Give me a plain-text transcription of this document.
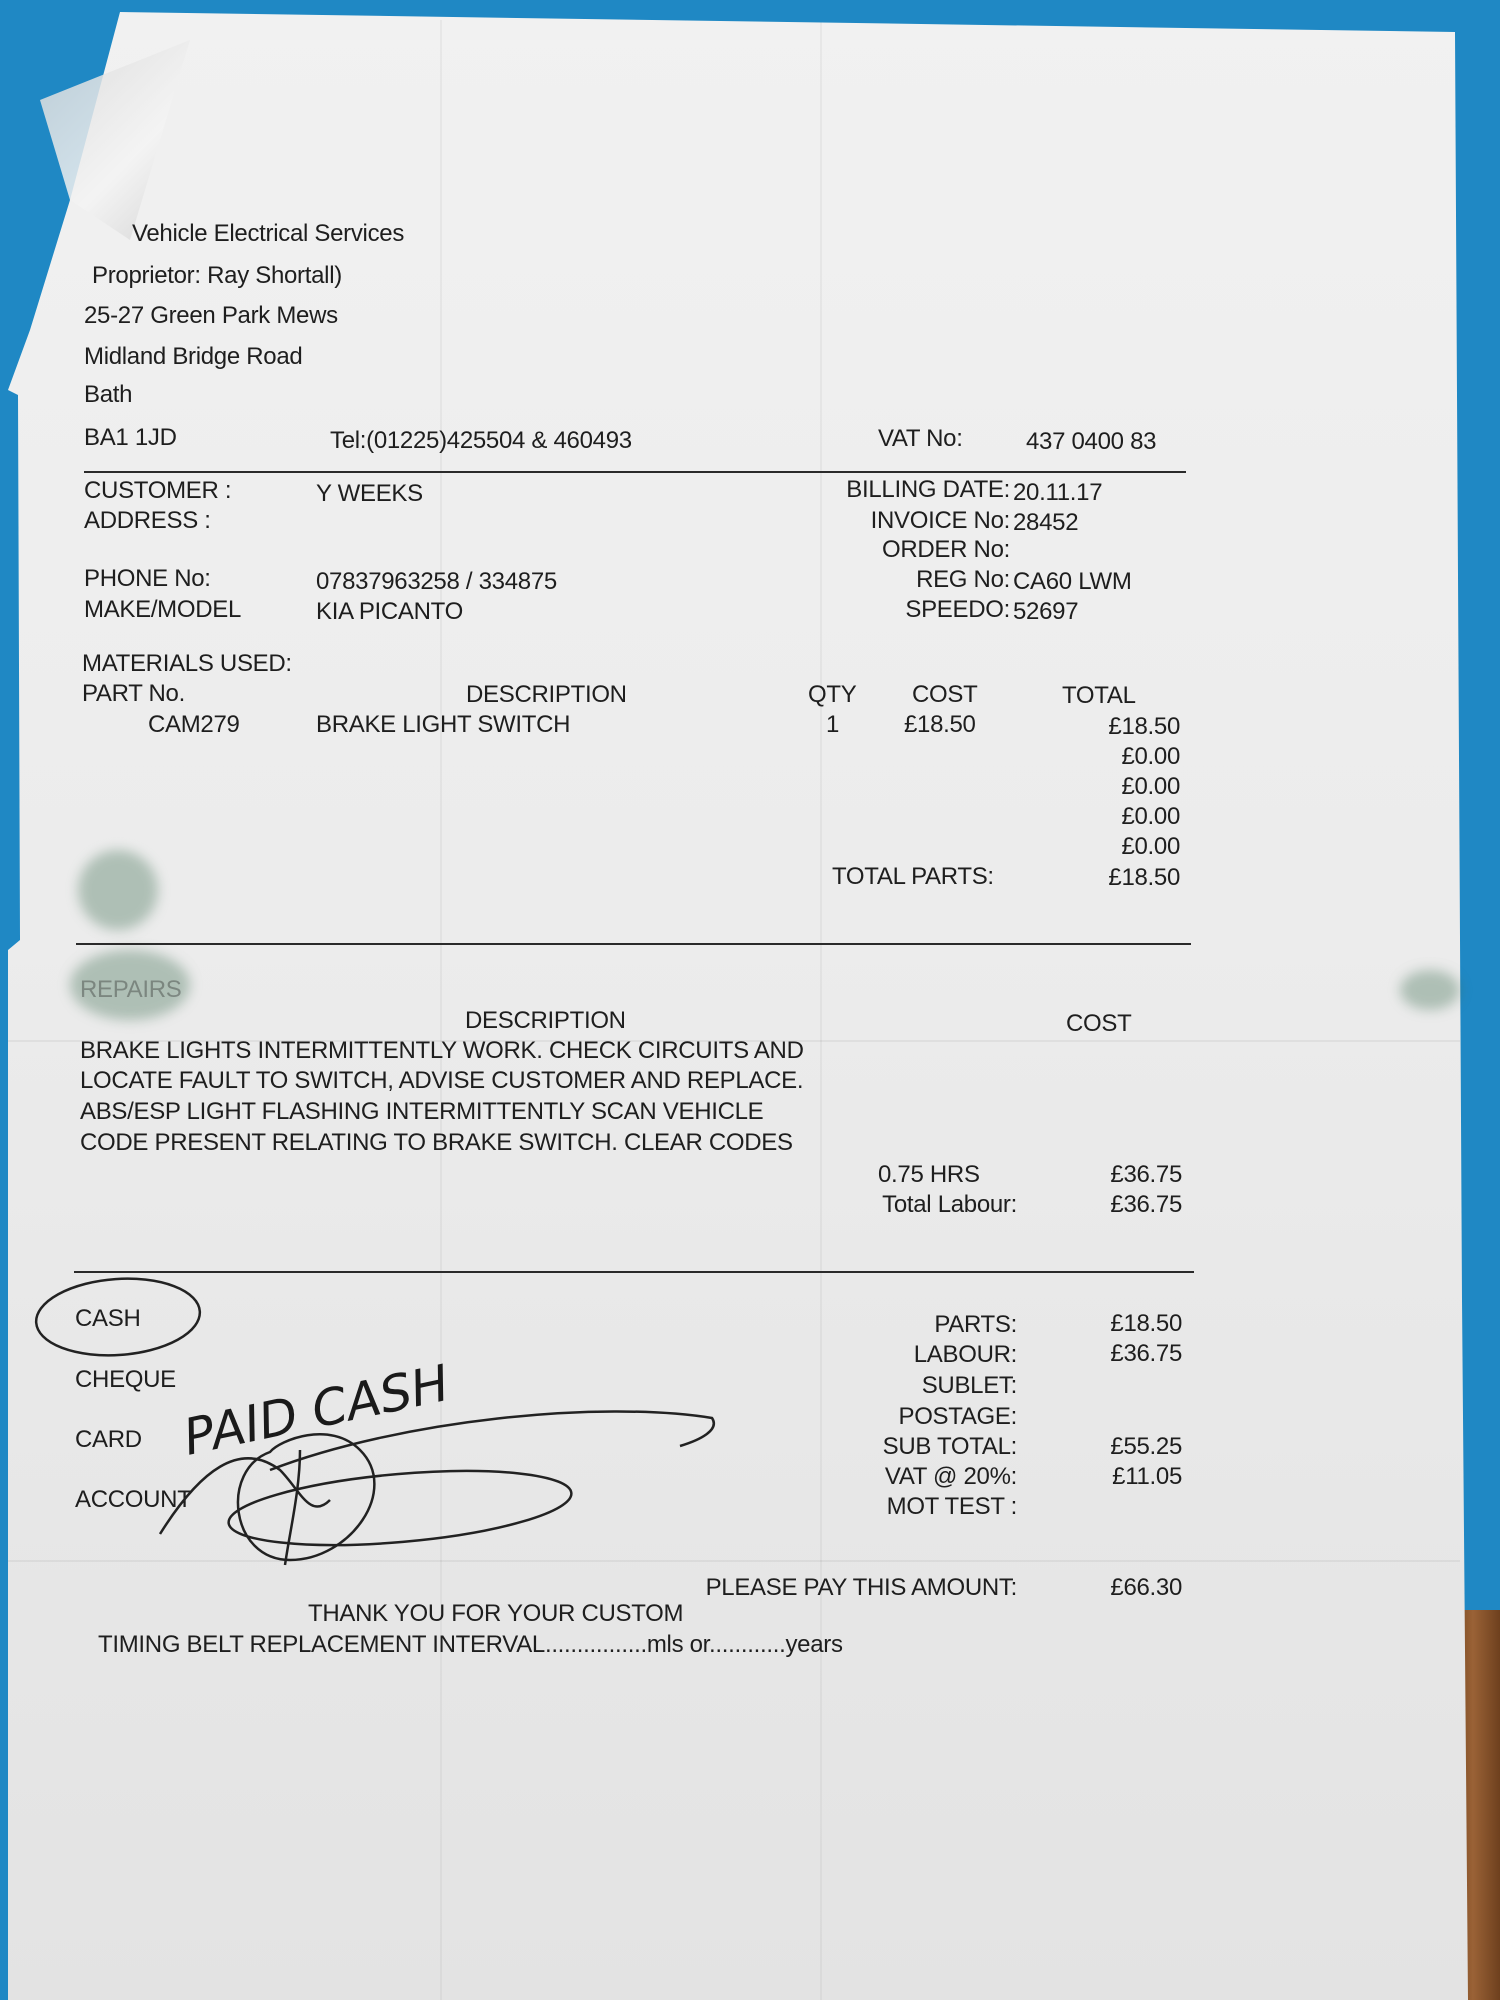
Vehicle Electrical Services
Proprietor: Ray Shortall)
25-27 Green Park Mews
Midland Bridge Road
Bath
BA1 1JD	Tel:(01225)425504 & 460493	VAT No:	437 0400 83
CUSTOMER :	Y WEEKS
ADDRESS :
PHONE No:	07837963258 / 334875
MAKE/MODEL	KIA PICANTO
BILLING DATE: 20.11.17
INVOICE No: 28452
ORDER No:
REG No: CA60 LWM
SPEEDO: 52697
MATERIALS USED:
PART No.	DESCRIPTION	QTY COST	TOTAL
CAM279	BRAKE LIGHT SWITCH	1	£18.50	£18.50
£0.00
£0.00
£0.00
£0.00
TOTAL PARTS:	£18.50
REPAIRS
DESCRIPTION	COST
BRAKE LIGHTS INTERMITTENTLY WORK. CHECK CIRCUITS AND
LOCATE FAULT TO SWITCH, ADVISE CUSTOMER AND REPLACE.
ABS/ESP LIGHT FLASHING INTERMITTENTLY SCAN VEHICLE
CODE PRESENT RELATING TO BRAKE SWITCH. CLEAR CODES
0.75 HRS	£36.75
Total Labour:	£36.75
CASH
CHEQUE
CARD
ACCOUNT
PARTS:	£18.50
LABOUR:	£36.75
SUBLET:
POSTAGE:
SUB TOTAL:	£55.25
VAT @ 20%:	£11.05
MOT TEST :
PLEASE PAY THIS AMOUNT:	£66.30
THANK YOU FOR YOUR CUSTOM
TIMING BELT REPLACEMENT INTERVAL................mls or............years
PAID CASH
